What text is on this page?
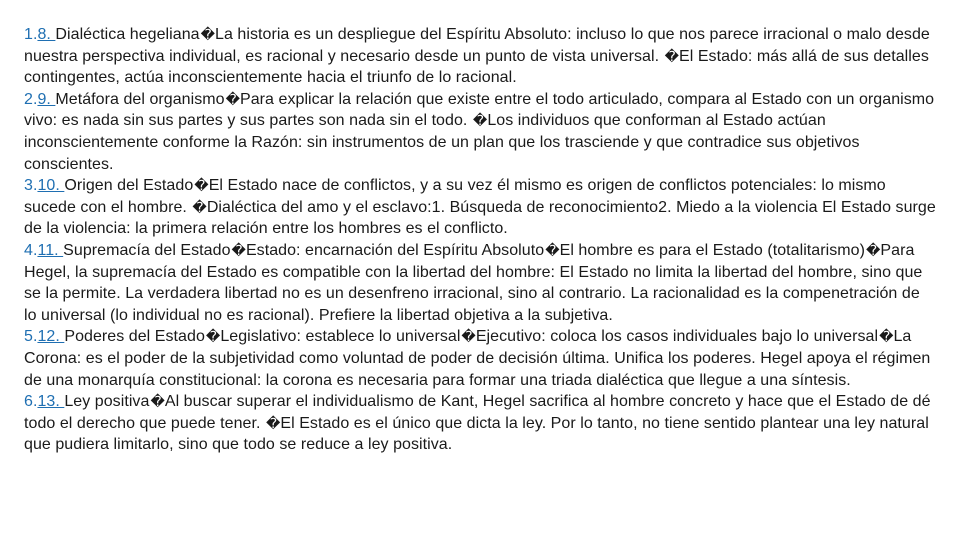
1.8. Dialéctica hegeliana�La historia es un despliegue del Espíritu Absoluto: incluso lo que nos parece irracional o malo desde nuestra perspectiva individual, es racional y necesario desde un punto de vista universal. �El Estado: más allá de sus detalles contingentes, actúa inconscientemente hacia el triunfo de lo racional.

2.9. Metáfora del organismo�Para explicar la relación que existe entre el todo articulado, compara al Estado con un organismo vivo: es nada sin sus partes y sus partes son nada sin el todo. �Los individuos que conforman al Estado actúan inconscientemente conforme la Razón: sin instrumentos de un plan que los trasciende y que contradice sus objetivos conscientes.

3.10. Origen del Estado�El Estado nace de conflictos, y a su vez él mismo es origen de conflictos potenciales: lo mismo sucede con el hombre. �Dialéctica del amo y el esclavo:1. Búsqueda de reconocimiento2. Miedo a la violencia El Estado surge de la violencia: la primera relación entre los hombres es el conflicto.

4.11. Supremacía del Estado�Estado: encarnación del Espíritu Absoluto�El hombre es para el Estado (totalitarismo)�Para Hegel, la supremacía del Estado es compatible con la libertad del hombre: El Estado no limita la libertad del hombre, sino que se la permite. La verdadera libertad no es un desenfreno irracional, sino al contrario. La racionalidad es la compenetración de lo universal (lo individual no es racional). Prefiere la libertad objetiva a la subjetiva.

5.12. Poderes del Estado�Legislativo: establece lo universal�Ejecutivo: coloca los casos individuales bajo lo universal�La Corona: es el poder de la subjetividad como voluntad de poder de decisión última. Unifica los poderes. Hegel apoya el régimen de una monarquía constitucional: la corona es necesaria para formar una triada dialéctica que llegue a una síntesis.

6.13. Ley positiva�Al buscar superar el individualismo de Kant, Hegel sacrifica al hombre concreto y hace que el Estado de dé todo el derecho que puede tener. �El Estado es el único que dicta la ley. Por lo tanto, no tiene sentido plantear una ley natural que pudiera limitarlo, sino que todo se reduce a ley positiva.
